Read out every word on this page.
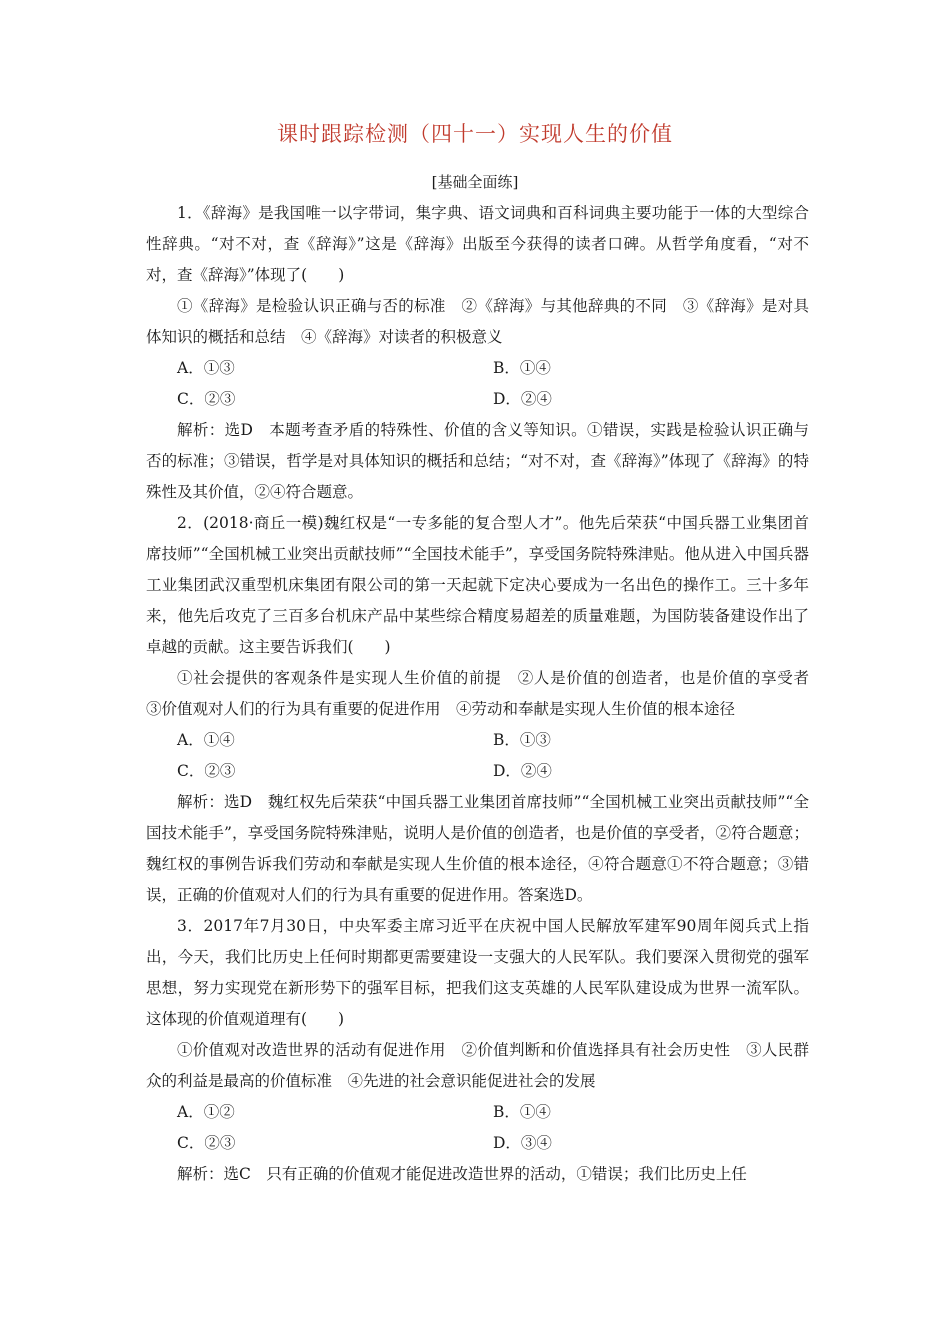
课时跟踪检测（四十一）实现人生的价值
[基础全面练]

1．《辞海》是我国唯一以字带词，集字典、语文词典和百科词典主要功能于一体的大型综合性辞典。“对不对，查《辞海》”这是《辞海》出版至今获得的读者口碑。从哲学角度看，“对不对，查《辞海》”体现了(　　)

①《辞海》是检验认识正确与否的标准　②《辞海》与其他辞典的不同　③《辞海》是对具体知识的概括和总结　④《辞海》对读者的积极意义

A．①③	B．①④
C．②③	D．②④

解析：选D　本题考查矛盾的特殊性、价值的含义等知识。①错误，实践是检验认识正确与否的标准；③错误，哲学是对具体知识的概括和总结；“对不对，查《辞海》”体现了《辞海》的特殊性及其价值，②④符合题意。

2．(2018·商丘一模)魏红权是“一专多能的复合型人才”。他先后荣获“中国兵器工业集团首席技师”“全国机械工业突出贡献技师”“全国技术能手”，享受国务院特殊津贴。他从进入中国兵器工业集团武汉重型机床集团有限公司的第一天起就下定决心要成为一名出色的操作工。三十多年来，他先后攻克了三百多台机床产品中某些综合精度易超差的质量难题，为国防装备建设作出了卓越的贡献。这主要告诉我们(　　)

①社会提供的客观条件是实现人生价值的前提　②人是价值的创造者，也是价值的享受者　③价值观对人们的行为具有重要的促进作用　④劳动和奉献是实现人生价值的根本途径

A．①④	B．①③
C．②③	D．②④

解析：选D　魏红权先后荣获“中国兵器工业集团首席技师”“全国机械工业突出贡献技师”“全国技术能手”，享受国务院特殊津贴，说明人是价值的创造者，也是价值的享受者，②符合题意；魏红权的事例告诉我们劳动和奉献是实现人生价值的根本途径，④符合题意①不符合题意；③错误，正确的价值观对人们的行为具有重要的促进作用。答案选D。

3．2017年7月30日，中央军委主席习近平在庆祝中国人民解放军建军90周年阅兵式上指出，今天，我们比历史上任何时期都更需要建设一支强大的人民军队。我们要深入贯彻党的强军思想，努力实现党在新形势下的强军目标，把我们这支英雄的人民军队建设成为世界一流军队。这体现的价值观道理有(　　)

①价值观对改造世界的活动有促进作用　②价值判断和价值选择具有社会历史性　③人民群众的利益是最高的价值标准　④先进的社会意识能促进社会的发展

A．①②	B．①④
C．②③	D．③④

解析：选C　只有正确的价值观才能促进改造世界的活动，①错误；我们比历史上任
